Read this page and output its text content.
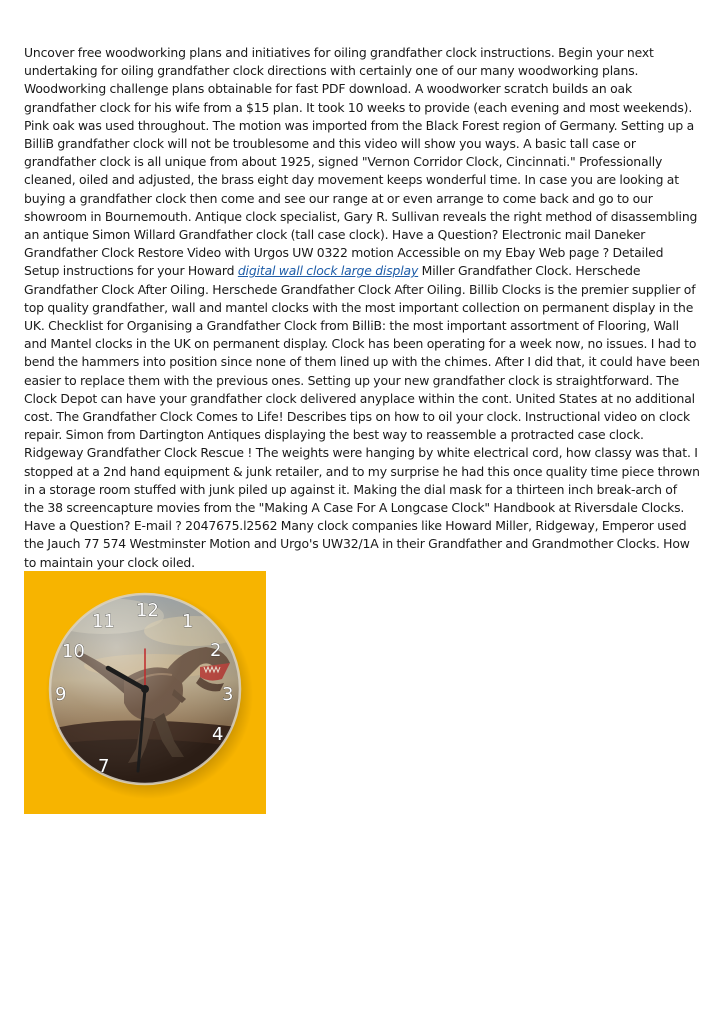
Uncover free woodworking plans and initiatives for oiling grandfather clock instructions. Begin your next undertaking for oiling grandfather clock directions with certainly one of our many woodworking plans. Woodworking challenge plans obtainable for fast PDF download. A woodworker scratch builds an oak grandfather clock for his wife from a $15 plan. It took 10 weeks to provide (each evening and most weekends). Pink oak was used throughout. The motion was imported from the Black Forest region of Germany. Setting up a BilliB grandfather clock will not be troublesome and this video will show you ways. A basic tall case or grandfather clock is all unique from about 1925, signed "Vernon Corridor Clock, Cincinnati." Professionally cleaned, oiled and adjusted, the brass eight day movement keeps wonderful time. In case you are looking at buying a grandfather clock then come and see our range at or even arrange to come back and go to our showroom in Bournemouth. Antique clock specialist, Gary R. Sullivan reveals the right method of disassembling an antique Simon Willard Grandfather clock (tall case clock). Have a Question? Electronic mail Daneker Grandfather Clock Restore Video with Urgos UW 0322 motion Accessible on my Ebay Web page ? Detailed Setup instructions for your Howard digital wall clock large display Miller Grandfather Clock. Herschede Grandfather Clock After Oiling. Herschede Grandfather Clock After Oiling. Billib Clocks is the premier supplier of top quality grandfather, wall and mantel clocks with the most important collection on permanent display in the UK. Checklist for Organising a Grandfather Clock from BilliB: the most important assortment of Flooring, Wall and Mantel clocks in the UK on permanent display. Clock has been operating for a week now, no issues. I had to bend the hammers into position since none of them lined up with the chimes. After I did that, it could have been easier to replace them with the previous ones. Setting up your new grandfather clock is straightforward. The Clock Depot can have your grandfather clock delivered anyplace within the cont. United States at no additional cost. The Grandfather Clock Comes to Life! Describes tips on how to oil your clock. Instructional video on clock repair. Simon from Dartington Antiques displaying the best way to reassemble a protracted case clock. Ridgeway Grandfather Clock Rescue ! The weights were hanging by white electrical cord, how classy was that. I stopped at a 2nd hand equipment & junk retailer, and to my surprise he had this once quality time piece thrown in a storage room stuffed with junk piled up against it. Making the dial mask for a thirteen inch break-arch of the 38 screencapture movies from the "Making A Case For A Longcase Clock" Handbook at Riversdale Clocks. Have a Question? E-mail ? 2047675.l2562 Many clock companies like Howard Miller, Ridgeway, Emperor used the Jauch 77 574 Westminster Motion and Urgo's UW32/1A in their Grandfather and Grandmother Clocks. How to maintain your clock oiled.

12
1
2
3
4
7
9
10
11
